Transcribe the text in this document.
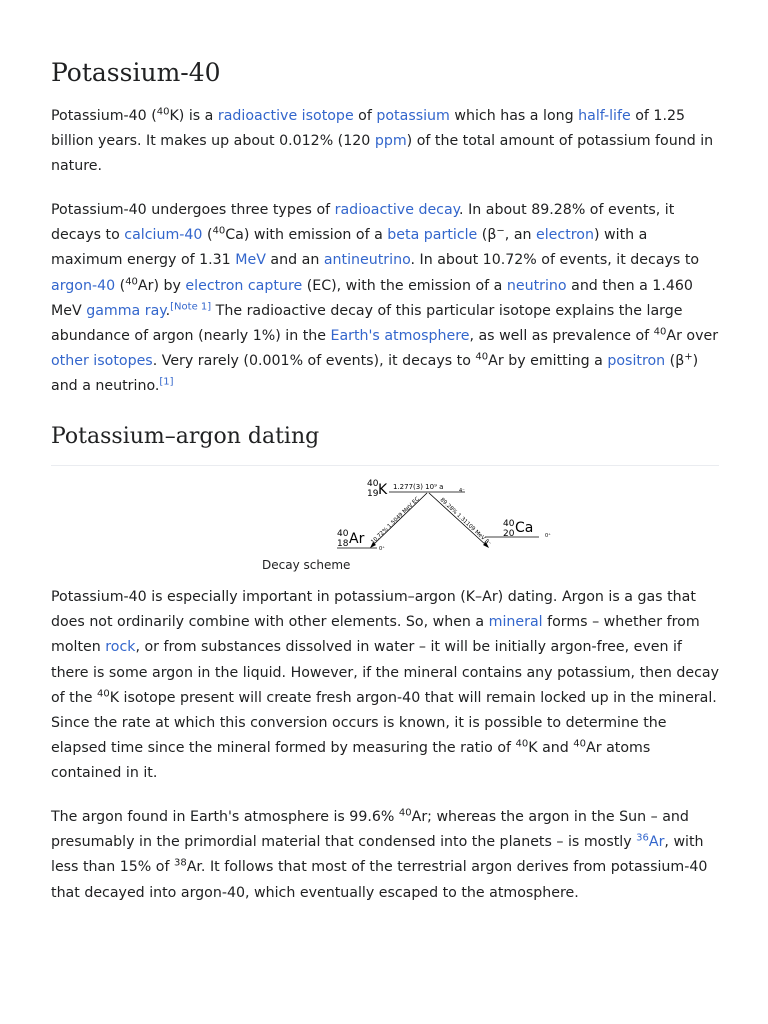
Potassium-40

Potassium-40 ($^{40}$K) is a radioactive isotope of potassium which has a long half-life of 1.25 billion years. It makes up about 0.012% (120 ppm) of the total amount of potassium found in nature.

Potassium-40 undergoes three types of radioactive decay. In about 89.28% of events, it decays to calcium-40 ($^{40}$Ca) with emission of a beta particle (β−, an electron) with a maximum energy of 1.31 MeV and an antineutrino. In about 10.72% of events, it decays to argon-40 ($^{40}$Ar) by electron capture (EC), with the emission of a neutrino and then a 1.460 MeV gamma ray.[Note 1] The radioactive decay of this particular isotope explains the large abundance of argon (nearly 1%) in the Earth's atmosphere, as well as prevalence of $^{40}$Ar over other isotopes. Very rarely (0.001% of events), it decays to $^{40}$Ar by emitting a positron (β+) and a neutrino.[1]

Potassium–argon dating
40
19 K 1.277(3) 10⁹ a	4⁻
10.72% 1.5049 MeV EC	89.28% 1.31109 MeV β⁻
40
18 Ar
0⁺
40
20 Ca 0⁺
Decay scheme

Potassium-40 is especially important in potassium–argon (K–Ar) dating. Argon is a gas that does not ordinarily combine with other elements. So, when a mineral forms – whether from molten rock, or from substances dissolved in water – it will be initially argon-free, even if there is some argon in the liquid. However, if the mineral contains any potassium, then decay of the $^{40}$K isotope present will create fresh argon-40 that will remain locked up in the mineral. Since the rate at which this conversion occurs is known, it is possible to determine the elapsed time since the mineral formed by measuring the ratio of $^{40}$K and $^{40}$Ar atoms contained in it.

The argon found in Earth's atmosphere is 99.6% $^{40}$Ar; whereas the argon in the Sun – and presumably in the primordial material that condensed into the planets – is mostly $^{36}$Ar, with less than 15% of $^{38}$Ar. It follows that most of the terrestrial argon derives from potassium-40 that decayed into argon-40, which eventually escaped to the atmosphere.
